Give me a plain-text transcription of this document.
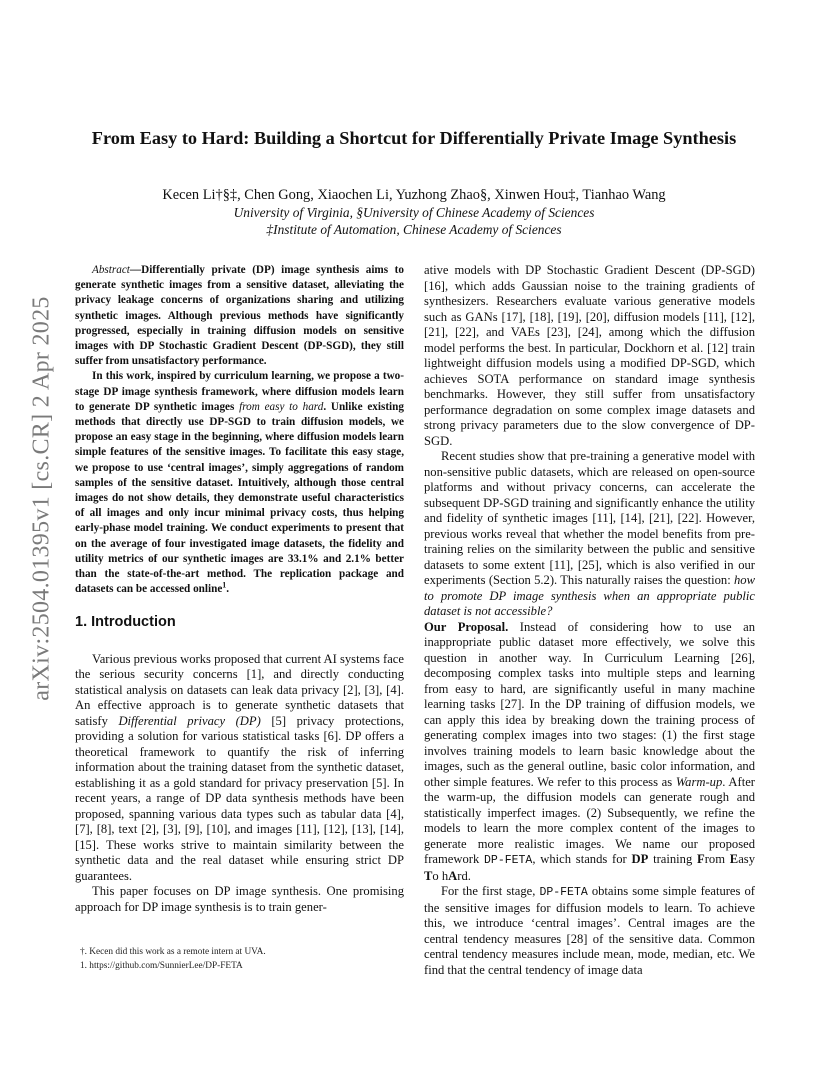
arXiv:2504.01395v1 [cs.CR] 2 Apr 2025
From Easy to Hard: Building a Shortcut for Differentially Private Image Synthesis
Kecen Li†§‡, Chen Gong, Xiaochen Li, Yuzhong Zhao§, Xinwen Hou‡, Tianhao Wang
University of Virginia, §University of Chinese Academy of Sciences
‡Institute of Automation, Chinese Academy of Sciences

Abstract—Differentially private (DP) image synthesis aims to generate synthetic images from a sensitive dataset, alleviating the privacy leakage concerns of organizations sharing and utilizing synthetic images. Although previous methods have significantly progressed, especially in training diffusion models on sensitive images with DP Stochastic Gradient Descent (DP-SGD), they still suffer from unsatisfactory performance.

In this work, inspired by curriculum learning, we propose a two-stage DP image synthesis framework, where diffusion models learn to generate DP synthetic images from easy to hard. Unlike existing methods that directly use DP-SGD to train diffusion models, we propose an easy stage in the beginning, where diffusion models learn simple features of the sensitive images. To facilitate this easy stage, we propose to use ‘central images’, simply aggregations of random samples of the sensitive dataset. Intuitively, although those central images do not show details, they demonstrate useful characteristics of all images and only incur minimal privacy costs, thus helping early-phase model training. We conduct experiments to present that on the average of four investigated image datasets, the fidelity and utility metrics of our synthetic images are 33.1% and 2.1% better than the state-of-the-art method. The replication package and datasets can be accessed online$^1$.

1. Introduction

Various previous works proposed that current AI systems face the serious security concerns [1], and directly conducting statistical analysis on datasets can leak data privacy [2], [3], [4]. An effective approach is to generate synthetic datasets that satisfy Differential privacy (DP) [5] privacy protections, providing a solution for various statistical tasks [6]. DP offers a theoretical framework to quantify the risk of inferring information about the training dataset from the synthetic dataset, establishing it as a gold standard for privacy preservation [5]. In recent years, a range of DP data synthesis methods have been proposed, spanning various data types such as tabular data [4], [7], [8], text [2], [3], [9], [10], and images [11], [12], [13], [14], [15]. These works strive to maintain similarity between the synthetic data and the real dataset while ensuring strict DP guarantees.

This paper focuses on DP image synthesis. One promising approach for DP image synthesis is to train gener-

†. Kecen did this work as a remote intern at UVA.
1. https://github.com/SunnierLee/DP-FETA

ative models with DP Stochastic Gradient Descent (DP-SGD) [16], which adds Gaussian noise to the training gradients of synthesizers. Researchers evaluate various generative models such as GANs [17], [18], [19], [20], diffusion models [11], [12], [21], [22], and VAEs [23], [24], among which the diffusion model performs the best. In particular, Dockhorn et al. [12] train lightweight diffusion models using a modified DP-SGD, which achieves SOTA performance on standard image synthesis benchmarks. However, they still suffer from unsatisfactory performance degradation on some complex image datasets and strong privacy parameters due to the slow convergence of DP-SGD.

Recent studies show that pre-training a generative model with non-sensitive public datasets, which are released on open-source platforms and without privacy concerns, can accelerate the subsequent DP-SGD training and significantly enhance the utility and fidelity of synthetic images [11], [14], [21], [22]. However, previous works reveal that whether the model benefits from pre-training relies on the similarity between the public and sensitive datasets to some extent [11], [25], which is also verified in our experiments (Section 5.2). This naturally raises the question: how to promote DP image synthesis when an appropriate public dataset is not accessible?

Our Proposal. Instead of considering how to use an inappropriate public dataset more effectively, we solve this question in another way. In Curriculum Learning [26], decomposing complex tasks into multiple steps and learning from easy to hard, are significantly useful in many machine learning tasks [27]. In the DP training of diffusion models, we can apply this idea by breaking down the training process of generating complex images into two stages: (1) the first stage involves training models to learn basic knowledge about the images, such as the general outline, basic color information, and other simple features. We refer to this process as Warm-up. After the warm-up, the diffusion models can generate rough and statistically imperfect images. (2) Subsequently, we refine the models to learn the more complex content of the images to generate more realistic images. We name our proposed framework DP-FETA, which stands for DP training From Easy To hArd.

For the first stage, DP-FETA obtains some simple features of the sensitive images for diffusion models to learn. To achieve this, we introduce ‘central images’. Central images are the central tendency measures [28] of the sensitive data. Common central tendency measures include mean, mode, median, etc. We find that the central tendency of image data
